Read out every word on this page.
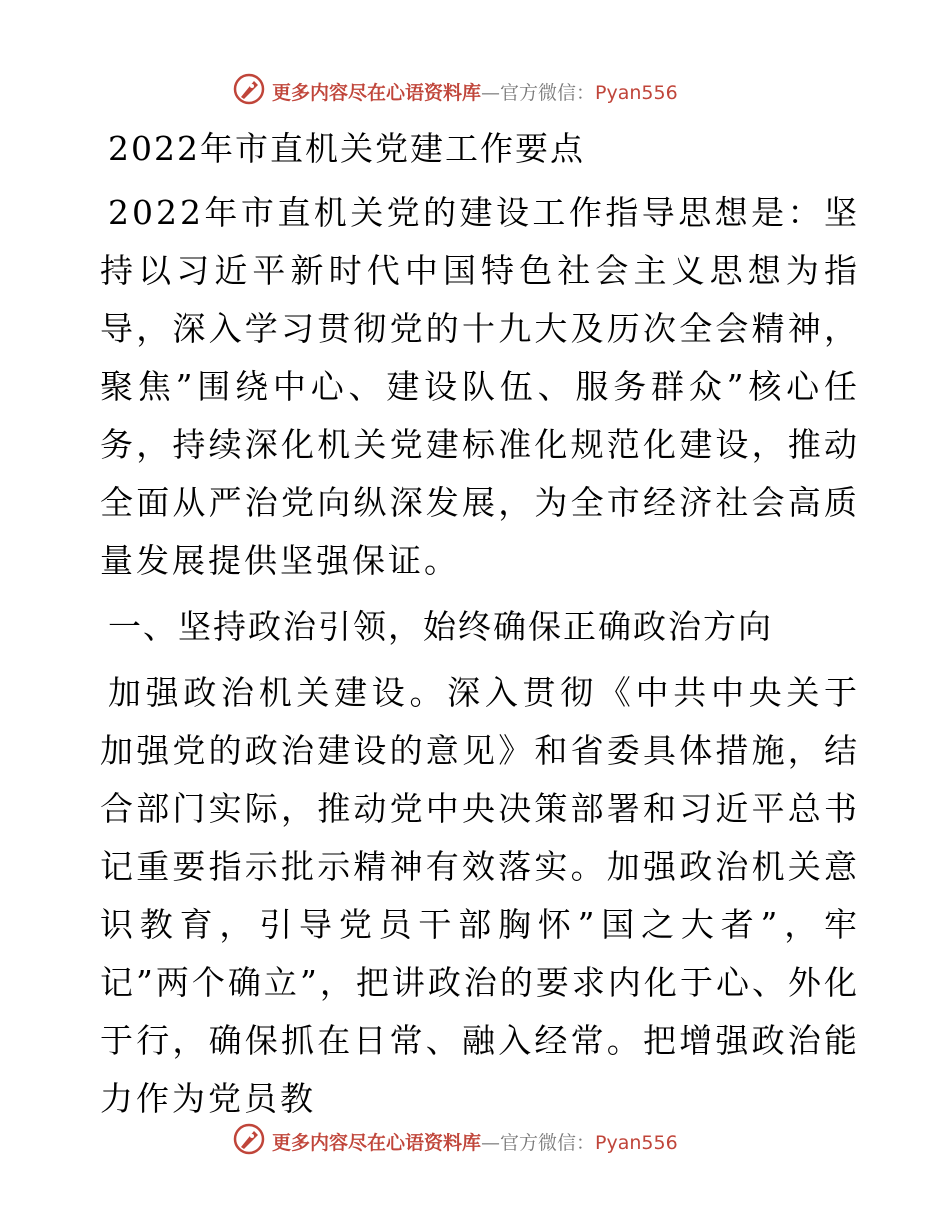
更多内容尽在心语资料库—官方微信：Pyan556
2022年市直机关党建工作要点

2022年市直机关党的建设工作指导思想是：坚持以习近平新时代中国特色社会主义思想为指导，深入学习贯彻党的十九大及历次全会精神，聚焦”围绕中心、建设队伍、服务群众”核心任务，持续深化机关党建标准化规范化建设，推动全面从严治党向纵深发展，为全市经济社会高质量发展提供坚强保证。

一、坚持政治引领，始终确保正确政治方向

加强政治机关建设。深入贯彻《中共中央关于加强党的政治建设的意见》和省委具体措施，结合部门实际，推动党中央决策部署和习近平总书记重要指示批示精神有效落实。加强政治机关意识教育，引导党员干部胸怀”国之大者”，牢记”两个确立”，把讲政治的要求内化于心、外化于行，确保抓在日常、融入经常。把增强政治能力作为党员教

更多内容尽在心语资料库—官方微信：Pyan556
